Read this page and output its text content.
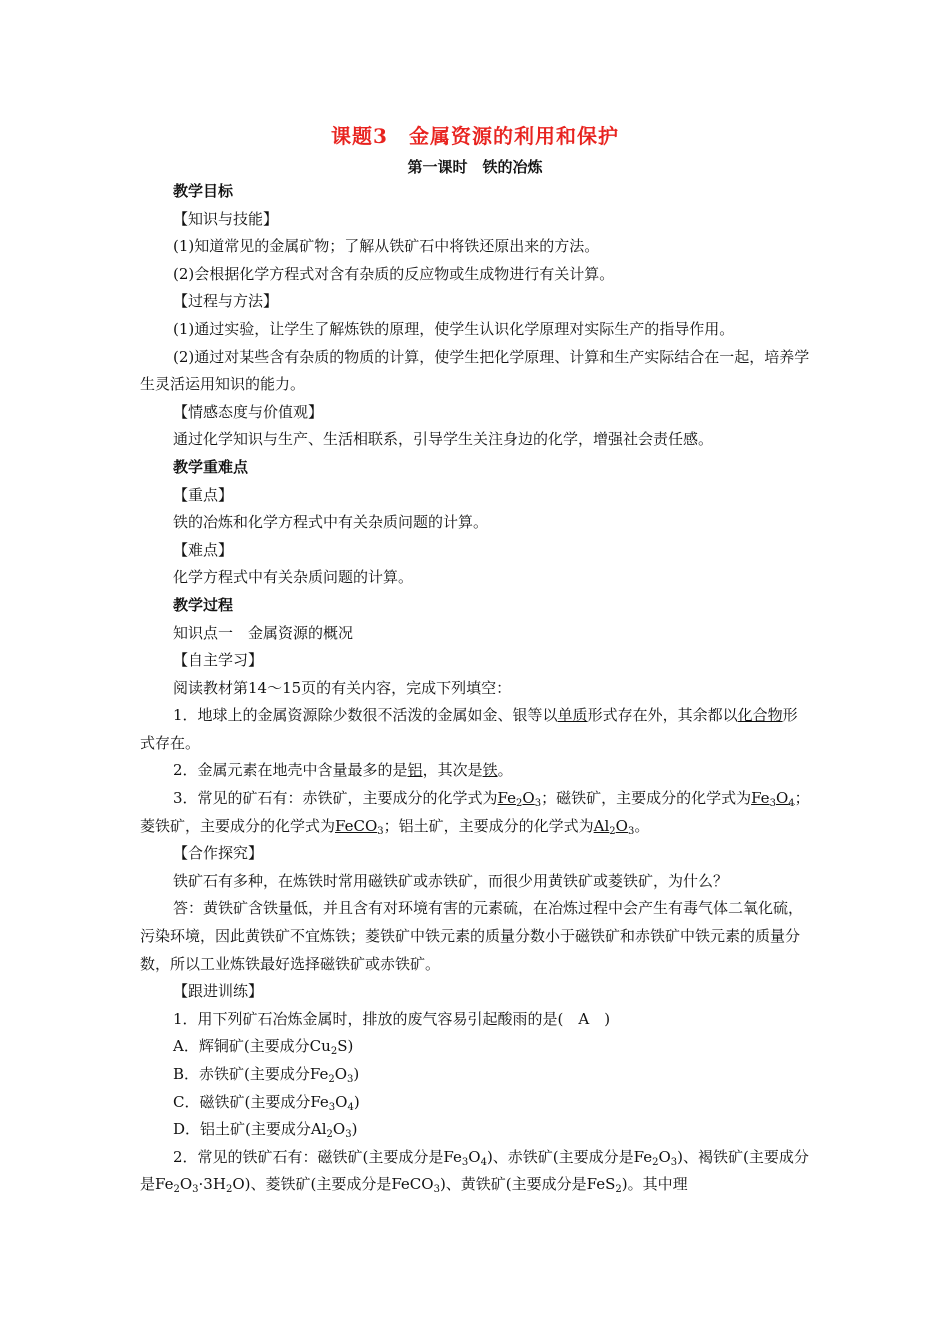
课题3　金属资源的利用和保护
第一课时　铁的冶炼

教学目标

【知识与技能】

(1)知道常见的金属矿物；了解从铁矿石中将铁还原出来的方法。

(2)会根据化学方程式对含有杂质的反应物或生成物进行有关计算。

【过程与方法】

(1)通过实验，让学生了解炼铁的原理，使学生认识化学原理对实际生产的指导作用。

(2)通过对某些含有杂质的物质的计算，使学生把化学原理、计算和生产实际结合在一起，培养学生灵活运用知识的能力。

【情感态度与价值观】

通过化学知识与生产、生活相联系，引导学生关注身边的化学，增强社会责任感。

教学重难点

【重点】

铁的冶炼和化学方程式中有关杂质问题的计算。

【难点】

化学方程式中有关杂质问题的计算。

教学过程

知识点一　金属资源的概况

【自主学习】

阅读教材第14～15页的有关内容，完成下列填空：

1．地球上的金属资源除少数很不活泼的金属如金、银等以单质形式存在外，其余都以化合物形式存在。

2．金属元素在地壳中含量最多的是铝，其次是铁。

3．常见的矿石有：赤铁矿，主要成分的化学式为$Fe_2O_3$；磁铁矿，主要成分的化学式为$Fe_3O_4$；菱铁矿，主要成分的化学式为FeCO$_3$；铝土矿，主要成分的化学式为$Al_2O_3$。

【合作探究】

铁矿石有多种，在炼铁时常用磁铁矿或赤铁矿，而很少用黄铁矿或菱铁矿，为什么？

答：黄铁矿含铁量低，并且含有对环境有害的元素硫，在冶炼过程中会产生有毒气体二氧化硫，污染环境，因此黄铁矿不宜炼铁；菱铁矿中铁元素的质量分数小于磁铁矿和赤铁矿中铁元素的质量分数，所以工业炼铁最好选择磁铁矿或赤铁矿。

【跟进训练】

1．用下列矿石冶炼金属时，排放的废气容易引起酸雨的是(　A　)

A．辉铜矿(主要成分$Cu_2S$)

B．赤铁矿(主要成分$Fe_2O_3$)

C．磁铁矿(主要成分$Fe_3O_4$)

D．铝土矿(主要成分$Al_2O_3$)

2．常见的铁矿石有：磁铁矿(主要成分是$Fe_3O_4$)、赤铁矿(主要成分是$Fe_2O_3$)、褐铁矿(主要成分是$Fe_2O_3\cdot 3H_2O$)、菱铁矿(主要成分是FeCO$_3$)、黄铁矿(主要成分是FeS$_2$)。其中理
